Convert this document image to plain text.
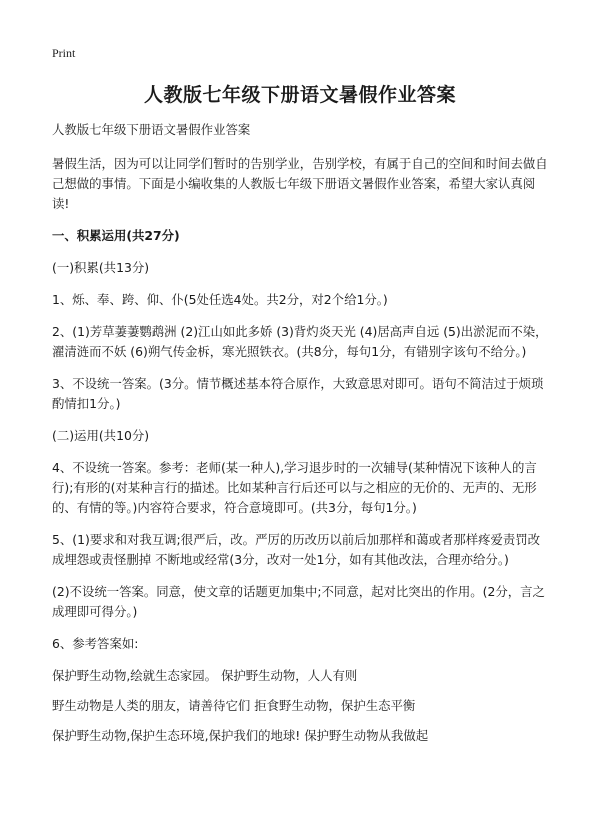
Print
人教版七年级下册语文暑假作业答案

人教版七年级下册语文暑假作业答案

暑假生活，因为可以让同学们暂时的告别学业，告别学校，有属于自己的空间和时间去做自己想做的事情。下面是小编收集的人教版七年级下册语文暑假作业答案，希望大家认真阅读!

一、积累运用(共27分)

(一)积累(共13分)

1、烁、奉、跨、仰、仆(5处任选4处。共2分，对2个给1分。)

2、(1)芳草萋萋鹦鹉洲 (2)江山如此多娇 (3)背灼炎天光 (4)居高声自远 (5)出淤泥而不染，濯清涟而不妖 (6)朔气传金柝，寒光照铁衣。(共8分，每句1分，有错别字该句不给分。)

3、不设统一答案。(3分。情节概述基本符合原作，大致意思对即可。语句不简洁过于烦琐酌情扣1分。)

(二)运用(共10分)

4、不设统一答案。参考：老师(某一种人),学习退步时的一次辅导(某种情况下该种人的言行);有形的(对某种言行的描述。比如某种言行后还可以与之相应的无价的、无声的、无形的、有情的等。)内容符合要求，符合意境即可。(共3分，每句1分。)

5、(1)要求和对我互调;很严后，改。严厉的历改历以前后加那样和蔼或者那样疼爱责罚改成埋怨或责怪删掉 不断地或经常(3分，改对一处1分，如有其他改法，合理亦给分。)

(2)不设统一答案。同意，使文章的话题更加集中;不同意，起对比突出的作用。(2分，言之成理即可得分。)

6、参考答案如:

保护野生动物,绘就生态家园。 保护野生动物，人人有则

野生动物是人类的朋友，请善待它们 拒食野生动物，保护生态平衡

保护野生动物,保护生态环境,保护我们的地球! 保护野生动物从我做起
